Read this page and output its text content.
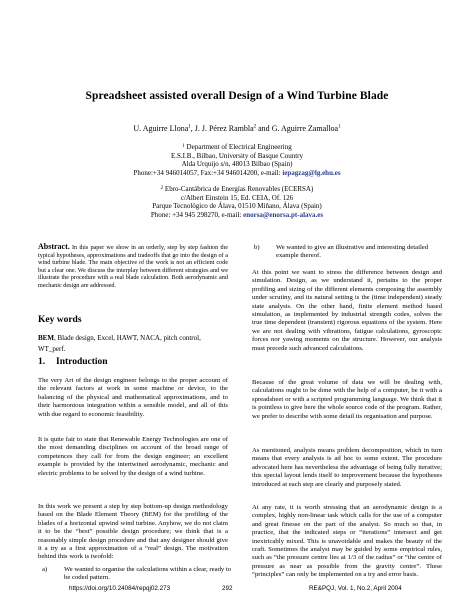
Spreadsheet assisted overall Design of a Wind Turbine Blade
U. Aguirre Llona$^1$, J. J. Pérez Rambla$^2$ and G. Aguirre Zamalloa$^1$
$^1$ Department of Electrical Engineering
E.S.I.B., Bilbao, University of Basque Country
Alda Urquijo s/n, 48013 Bilbao (Spain)
Phone:+34 946014057, Fax:+34 946014200, e-mail: iepagzag@lg.ehu.es
$^2$ Ebro-Cantábrica de Energías Renovables (ECERSA)
c/Albert Einstein 15, Ed. CEIA, Of. 126
Parque Tecnológico de Álava, 01510 Miñano, Álava (Spain)
Phone: +34 945 298270, e-mail: enorsa@enorsa.pt-alava.es
Abstract. In this paper we show in an orderly, step by step fashion the typical hypotheses, approximations and tradeoffs that go into the design of a wind turbine blade. The main objective of the work is not an efficient code but a clear one. We discuss the interplay between different strategies and we illustrate the procedure with a real blade calculation. Both aerodynamic and mechanic design are addressed.
Key words
BEM, Blade design, Excel, HAWT, NACA, pitch control, WT_perf.
1. Introduction
The very Art of the design engineer belongs to the proper account of the relevant factors at work in some machine or device, to the balancing of the physical and mathematical approximations, and to their harmonious integration within a sensible model, and all of this with due regard to economic feasibility.
It is quite fair to state that Renewable Energy Technologies are one of the most demanding disciplines on account of the broad range of competences they call for from the design engineer; an excellent example is provided by the intertwined aerodynamic, mechanic and electric problems to be solved by the design of a wind turbine.
In this work we present a step by step bottom-up design methodology based on the Blade Element Theory (BEM) for the profiling of the blades of a horizontal upwind wind turbine. Anyhow, we do not claim it to be the “best” possible design procedure; we think that is a reasonably simple design procedure and that any designer should give it a try as a first approximation of a “real” design. The motivation behind this work is twofold:
a)	We wanted to organise the calculations within a clear, ready to be coded pattern.
b) We wanted to give an illustrative and interesting detailed example thereof.
At this point we want to stress the difference between design and simulation. Design, as we understand it, pertains to the proper profiling and sizing of the different elements composing the assembly under scrutiny, and its natural setting is the (time independent) steady state analysis. On the other hand, finite element method based simulation, as implemented by industrial strength codes, solves the true time dependent (transient) rigorous equations of the system. Here we are not dealing with vibrations, fatigue calculations, gyroscopic forces nor yawing moments on the structure. However, our analysis must precede such advanced calculations.
Because of the great volume of data we will be dealing with, calculations ought to be done with the help of a computer, be it with a spreadsheet or with a scripted programming language. We think that it is pointless to give here the whole source code of the program. Rather, we prefer to describe with some detail its organisation and purpose.
As mentioned, analysis means problem decomposition, which in turn means that every analysis is ad hoc to some extent. The procedure advocated here has nevertheless the advantage of being fully iterative; this special layout lends itself to improvement because the hypotheses introduced at each step are clearly and purposely stated.
At any rate, it is worth stressing that an aerodynamic design is a complex, highly non-linear task which calls for the use of a computer and great finesse on the part of the analyst. So much so that, in practice, that the indicated steps or “iterations” intersect and get inextricably mixed. This is unavoidable and makes the beauty of the craft. Sometimes the analyst may be guided by some empirical rules, such as “the pressure centre lies at 1/3 of the radius” or “the centre of pressure as near as possible from the gravity centre”. These “principles” can only be implemented on a try and error basis.
https://doi.org/10.24084/repqj02.273	292	RE&PQJ, Vol. 1, No.2, April 2004
